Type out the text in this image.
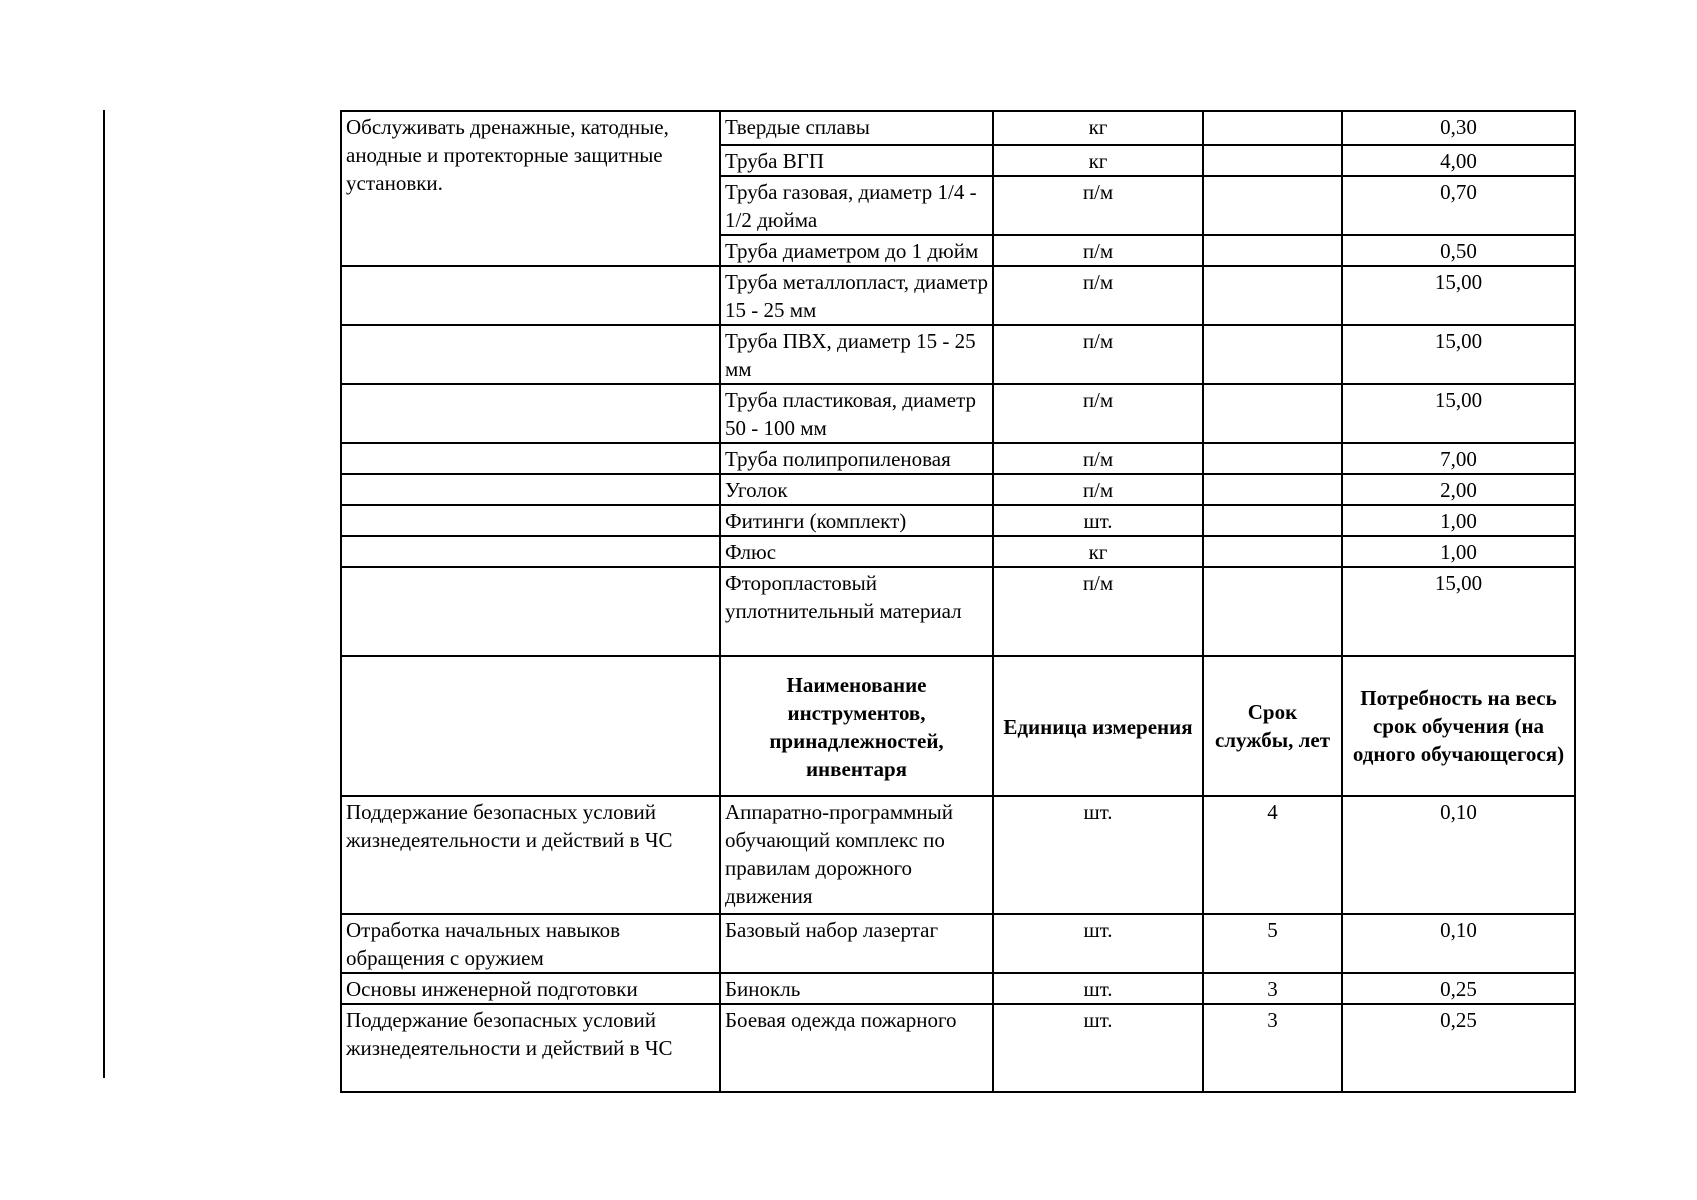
Обслуживать дренажные, катодные, анодные и протекторные защитные установки.	Твердые сплавы	кг		0,30
	Труба ВГП	кг		4,00
	Труба газовая, диаметр 1/4 - 1/2 дюйма	п/м		0,70
	Труба диаметром до 1 дюйм	п/м		0,50
	Труба металлопласт, диаметр 15 - 25 мм	п/м		15,00
	Труба ПВХ, диаметр 15 - 25 мм	п/м		15,00
	Труба пластиковая, диаметр 50 - 100 мм	п/м		15,00
	Труба полипропиленовая	п/м		7,00
	Уголок	п/м		2,00
	Фитинги (комплект)	шт.		1,00
	Флюс	кг		1,00
	Фторопластовый уплотнительный материал	п/м		15,00
	Наименование инструментов, принадлежностей, инвентаря	Единица измерения	Срок службы, лет	Потребность на весь срок обучения (на одного обучающегося)
Поддержание безопасных условий жизнедеятельности и действий в ЧС	Аппаратно-программный обучающий комплекс по правилам дорожного движения	шт.	4	0,10
Отработка начальных навыков обращения с оружием	Базовый набор лазертаг	шт.	5	0,10
Основы инженерной подготовки	Бинокль	шт.	3	0,25
Поддержание безопасных условий жизнедеятельности и действий в ЧС	Боевая одежда пожарного	шт.	3	0,25
